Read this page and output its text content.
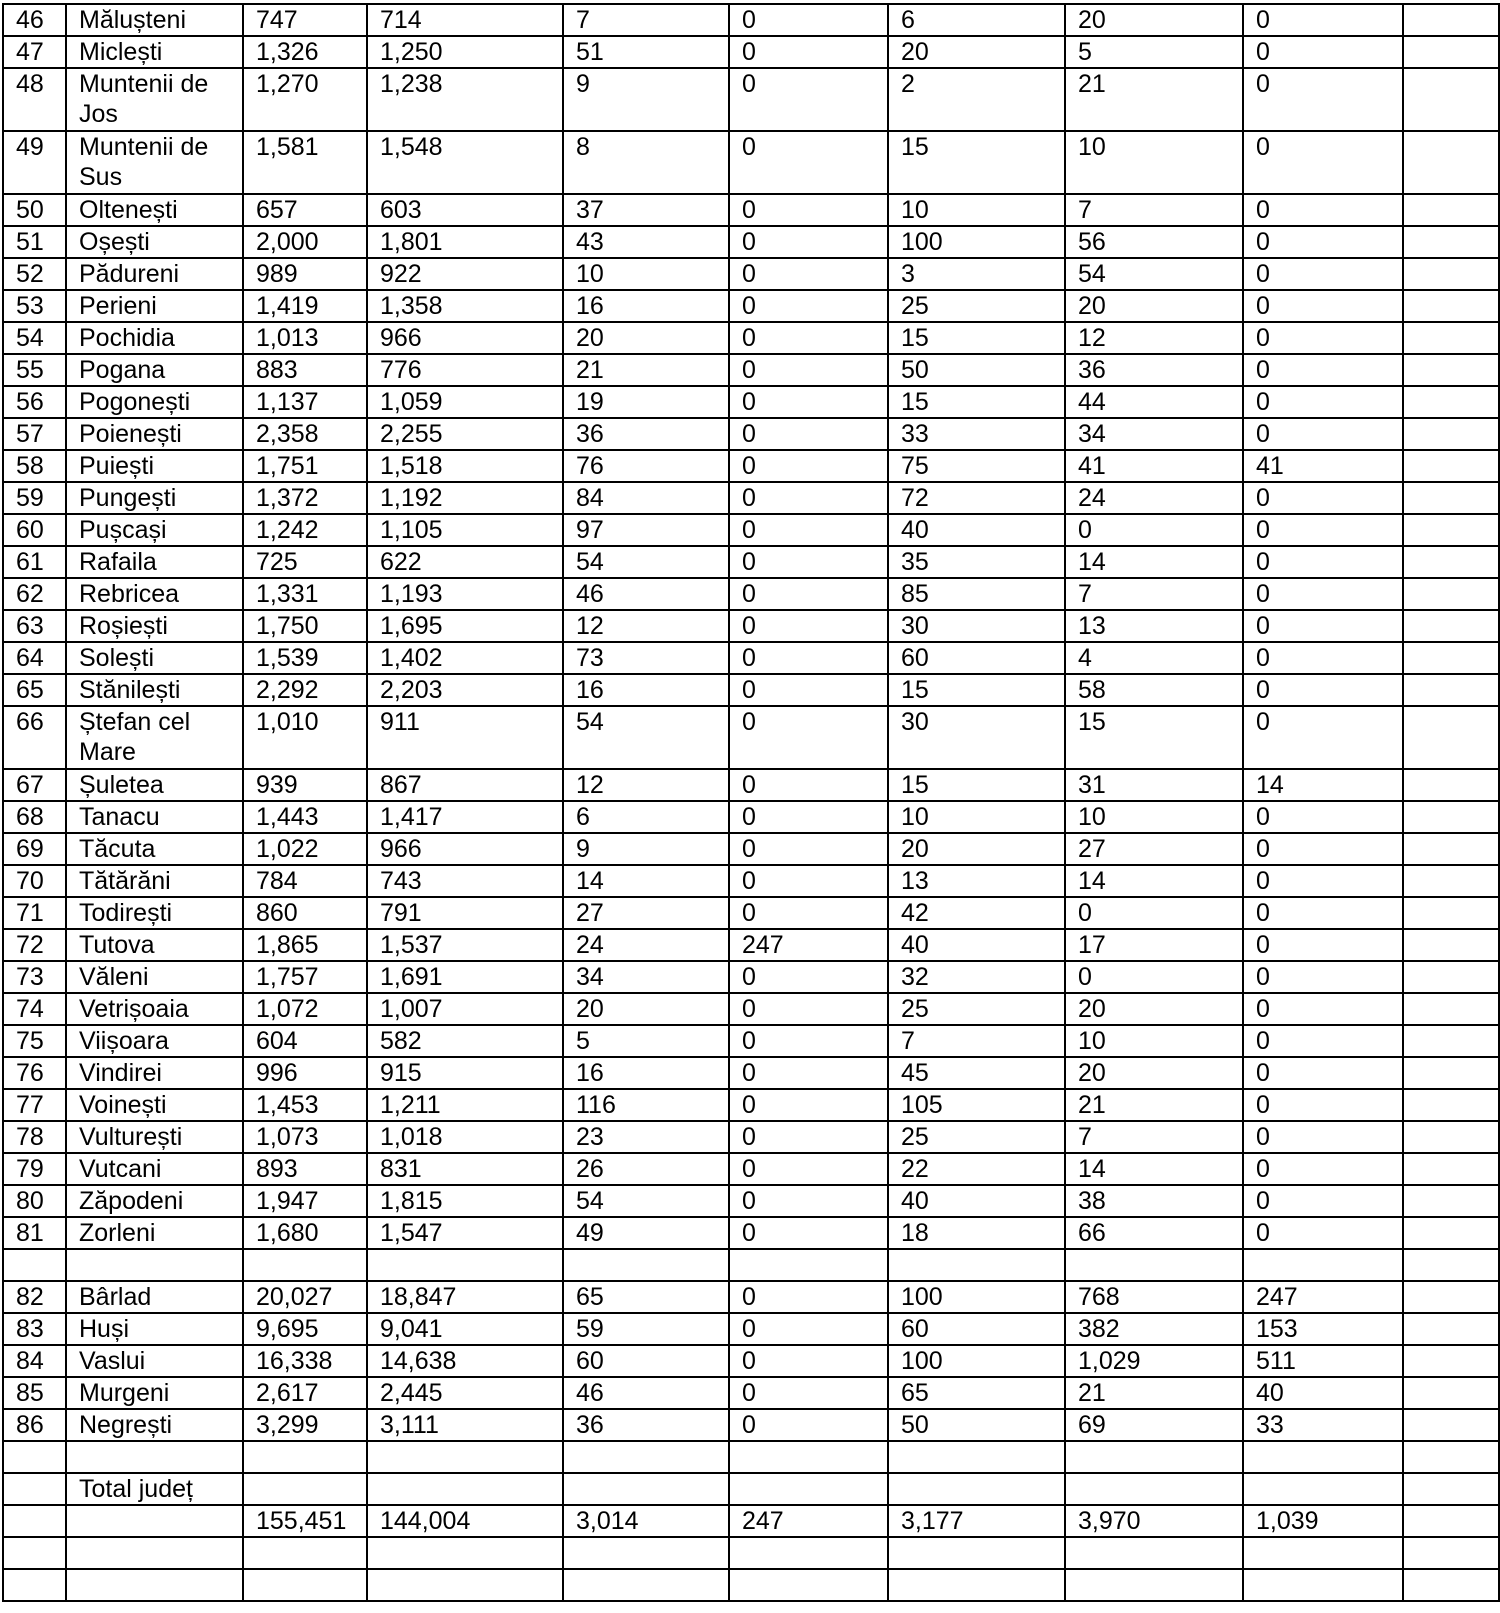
46	Mălușteni	747	714	7	0	6	20	0	
47	Miclești	1,326	1,250	51	0	20	5	0	
48	Muntenii de Jos	1,270	1,238	9	0	2	21	0	
49	Muntenii de Sus	1,581	1,548	8	0	15	10	0	
50	Oltenești	657	603	37	0	10	7	0	
51	Oșești	2,000	1,801	43	0	100	56	0	
52	Pădureni	989	922	10	0	3	54	0	
53	Perieni	1,419	1,358	16	0	25	20	0	
54	Pochidia	1,013	966	20	0	15	12	0	
55	Pogana	883	776	21	0	50	36	0	
56	Pogonești	1,137	1,059	19	0	15	44	0	
57	Poienești	2,358	2,255	36	0	33	34	0	
58	Puiești	1,751	1,518	76	0	75	41	41	
59	Pungești	1,372	1,192	84	0	72	24	0	
60	Pușcași	1,242	1,105	97	0	40	0	0	
61	Rafaila	725	622	54	0	35	14	0	
62	Rebricea	1,331	1,193	46	0	85	7	0	
63	Roșiești	1,750	1,695	12	0	30	13	0	
64	Solești	1,539	1,402	73	0	60	4	0	
65	Stănilești	2,292	2,203	16	0	15	58	0	
66	Ștefan cel Mare	1,010	911	54	0	30	15	0	
67	Șuletea	939	867	12	0	15	31	14	
68	Tanacu	1,443	1,417	6	0	10	10	0	
69	Tăcuta	1,022	966	9	0	20	27	0	
70	Tătărăni	784	743	14	0	13	14	0	
71	Todirești	860	791	27	0	42	0	0	
72	Tutova	1,865	1,537	24	247	40	17	0	
73	Văleni	1,757	1,691	34	0	32	0	0	
74	Vetrișoaia	1,072	1,007	20	0	25	20	0	
75	Viișoara	604	582	5	0	7	10	0	
76	Vindirei	996	915	16	0	45	20	0	
77	Voinești	1,453	1,211	116	0	105	21	0	
78	Vulturești	1,073	1,018	23	0	25	7	0	
79	Vutcani	893	831	26	0	22	14	0	
80	Zăpodeni	1,947	1,815	54	0	40	38	0	
81	Zorleni	1,680	1,547	49	0	18	66	0	

82	Bârlad	20,027	18,847	65	0	100	768	247	
83	Huși	9,695	9,041	59	0	60	382	153	
84	Vaslui	16,338	14,638	60	0	100	1,029	511	
85	Murgeni	2,617	2,445	46	0	65	21	40	
86	Negrești	3,299	3,111	36	0	50	69	33	

	Total județ								
		155,451	144,004	3,014	247	3,177	3,970	1,039	
